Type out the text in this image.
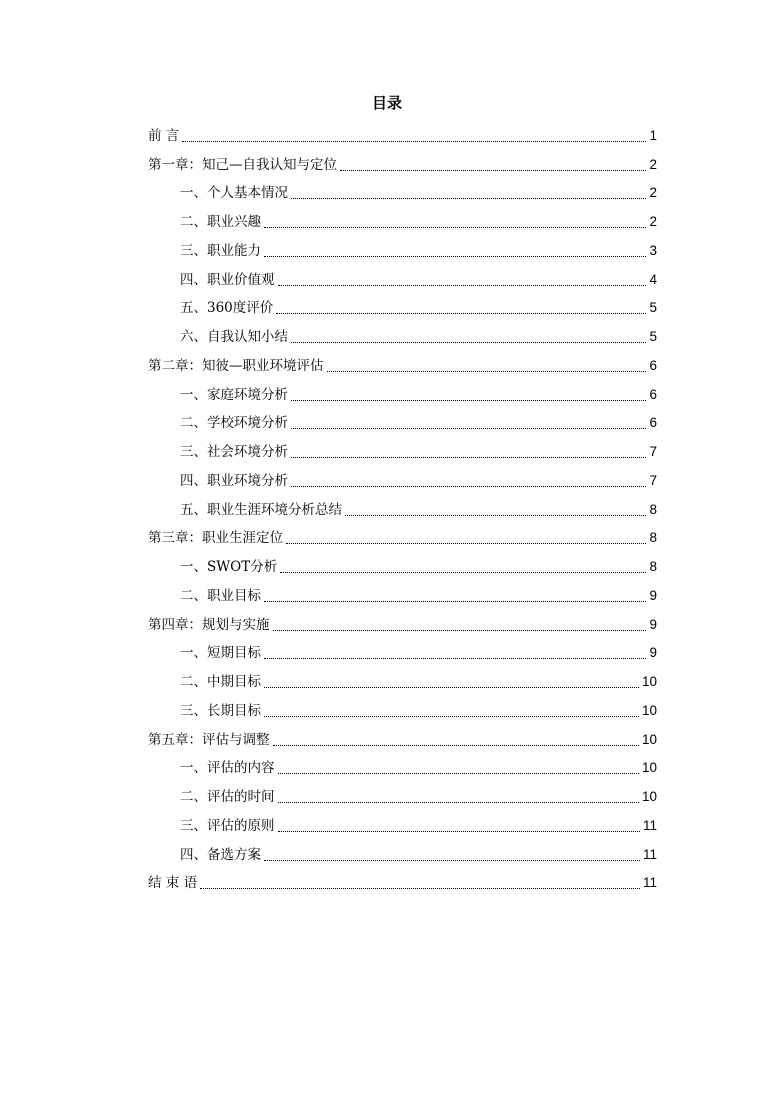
目录
前 言	1
第一章：知己—自我认知与定位	2
一、个人基本情况	2
二、职业兴趣	2
三、职业能力	3
四、职业价值观	4
五、360度评价	5
六、自我认知小结	5
第二章：知彼—职业环境评估	6
一、家庭环境分析	6
二、学校环境分析	6
三、社会环境分析	7
四、职业环境分析	7
五、职业生涯环境分析总结	8
第三章：职业生涯定位	8
一、SWOT分析	8
二、职业目标	9
第四章：规划与实施	9
一、短期目标	9
二、中期目标	10
三、长期目标	10
第五章：评估与调整	10
一、评估的内容	10
二、评估的时间	10
三、评估的原则	11
四、备选方案	11
结 束 语	11
